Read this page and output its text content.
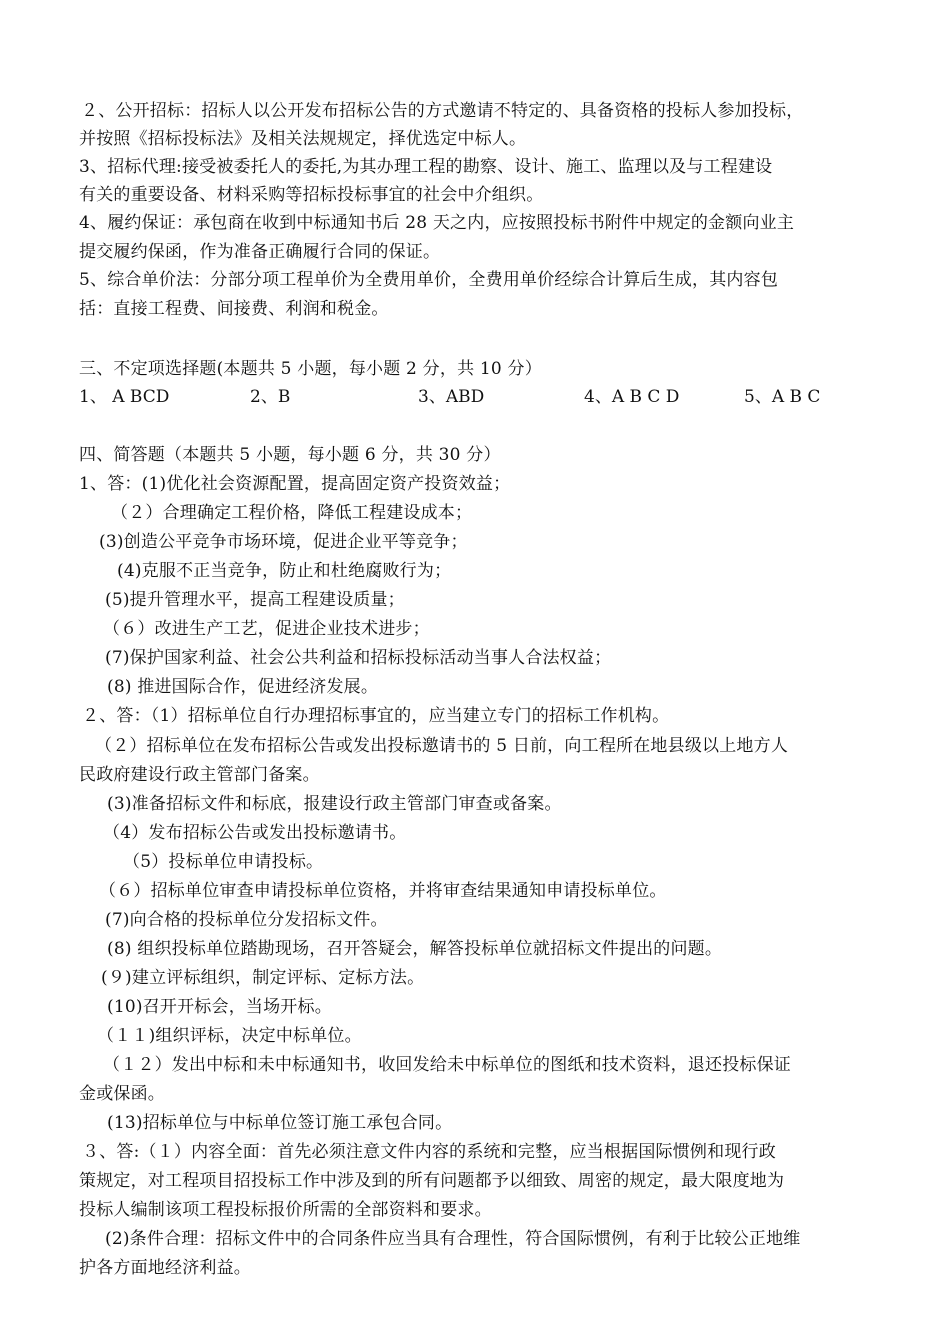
２、公开招标：招标人以公开发布招标公告的方式邀请不特定的、具备资格的投标人参加投标，
并按照《招标投标法》及相关法规规定，择优选定中标人。
3、招标代理:接受被委托人的委托,为其办理工程的勘察、设计、施工、监理以及与工程建设
有关的重要设备、材料采购等招标投标事宜的社会中介组织。
4、履约保证：承包商在收到中标通知书后 28 天之内，应按照投标书附件中规定的金额向业主
提交履约保函，作为准备正确履行合同的保证。
5、综合单价法：分部分项工程单价为全费用单价，全费用单价经综合计算后生成，其内容包
括：直接工程费、间接费、利润和税金。
三、不定项选择题(本题共 5 小题，每小题 2 分，共 10 分）
1、 A BCD	2、B	3、ABD	4、A B C D	5、A B C
四、简答题（本题共 5 小题，每小题 6 分，共 30 分）
1、答：(1)优化社会资源配置，提高固定资产投资效益；
（２）合理确定工程价格，降低工程建设成本；
(3)创造公平竞争市场环境，促进企业平等竞争；
(4)克服不正当竞争，防止和杜绝腐败行为；
(5)提升管理水平，提高工程建设质量；
（６）改进生产工艺，促进企业技术进步；
(7)保护国家利益、社会公共利益和招标投标活动当事人合法权益；
(8) 推进国际合作，促进经济发展。
２、答：（1）招标单位自行办理招标事宜的，应当建立专门的招标工作机构。
（２）招标单位在发布招标公告或发出投标邀请书的 5 日前，向工程所在地县级以上地方人
民政府建设行政主管部门备案。
(3)准备招标文件和标底，报建设行政主管部门审查或备案。
（4）发布招标公告或发出投标邀请书。
（5）投标单位申请投标。
（６）招标单位审查申请投标单位资格，并将审查结果通知申请投标单位。
(7)向合格的投标单位分发招标文件。
(8) 组织投标单位踏勘现场，召开答疑会，解答投标单位就招标文件提出的问题。
(９)建立评标组织，制定评标、定标方法。
(10)召开开标会，当场开标。
（１１)组织评标，决定中标单位。
（１２）发出中标和未中标通知书，收回发给未中标单位的图纸和技术资料，退还投标保证
金或保函。
(13)招标单位与中标单位签订施工承包合同。
３、答:（１）内容全面：首先必须注意文件内容的系统和完整，应当根据国际惯例和现行政
策规定，对工程项目招投标工作中涉及到的所有问题都予以细致、周密的规定，最大限度地为
投标人编制该项工程投标报价所需的全部资料和要求。
(2)条件合理：招标文件中的合同条件应当具有合理性，符合国际惯例，有利于比较公正地维
护各方面地经济利益。
